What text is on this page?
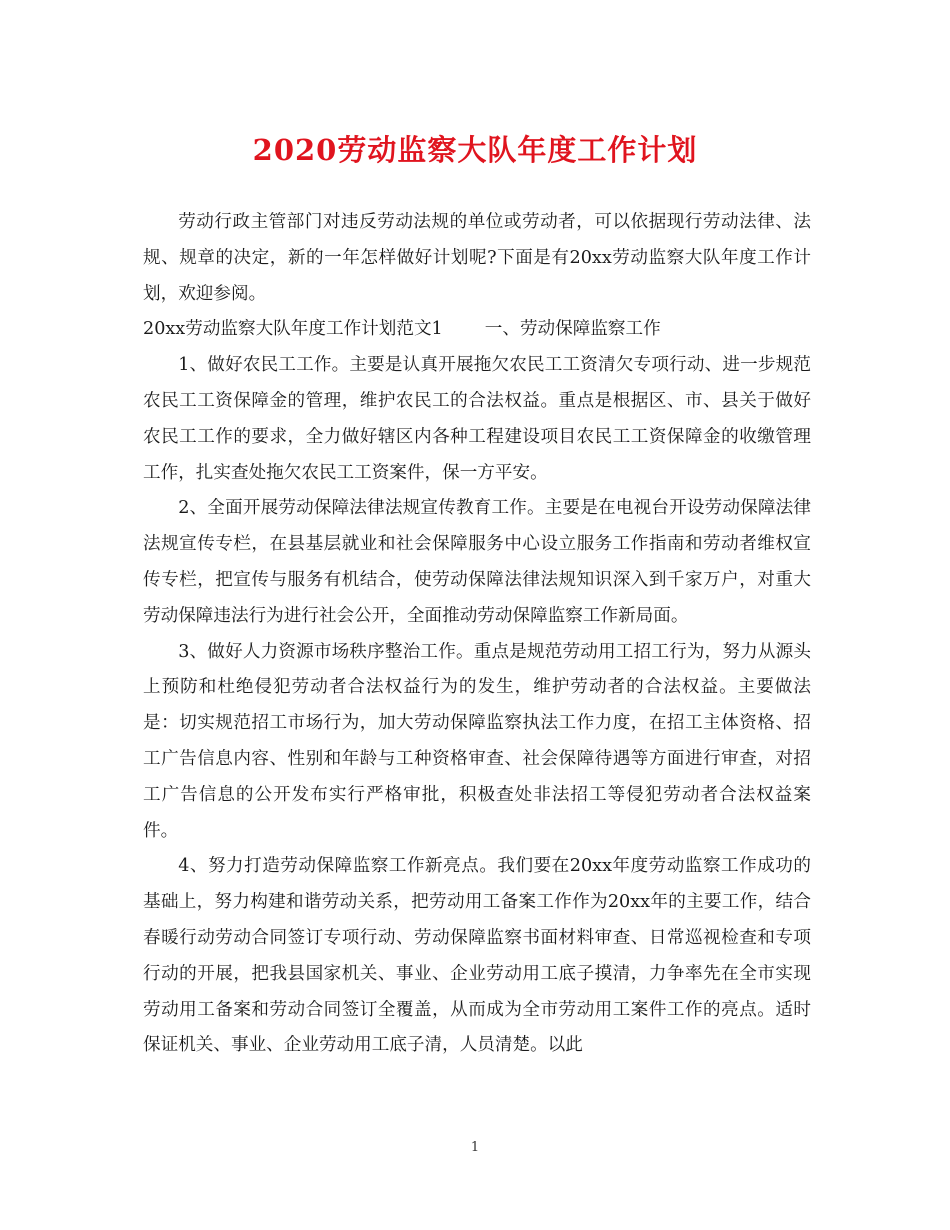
2020劳动监察大队年度工作计划

劳动行政主管部门对违反劳动法规的单位或劳动者，可以依据现行劳动法律、法规、规章的决定，新的一年怎样做好计划呢?下面是有20xx劳动监察大队年度工作计划，欢迎参阅。

20xx劳动监察大队年度工作计划范文1 一、劳动保障监察工作

1、做好农民工工作。主要是认真开展拖欠农民工工资清欠专项行动、进一步规范农民工工资保障金的管理，维护农民工的合法权益。重点是根据区、市、县关于做好农民工工作的要求，全力做好辖区内各种工程建设项目农民工工资保障金的收缴管理工作，扎实查处拖欠农民工工资案件，保一方平安。

2、全面开展劳动保障法律法规宣传教育工作。主要是在电视台开设劳动保障法律法规宣传专栏，在县基层就业和社会保障服务中心设立服务工作指南和劳动者维权宣传专栏，把宣传与服务有机结合，使劳动保障法律法规知识深入到千家万户，对重大劳动保障违法行为进行社会公开，全面推动劳动保障监察工作新局面。

3、做好人力资源市场秩序整治工作。重点是规范劳动用工招工行为，努力从源头上预防和杜绝侵犯劳动者合法权益行为的发生，维护劳动者的合法权益。主要做法是：切实规范招工市场行为，加大劳动保障监察执法工作力度，在招工主体资格、招工广告信息内容、性别和年龄与工种资格审查、社会保障待遇等方面进行审查，对招工广告信息的公开发布实行严格审批，积极查处非法招工等侵犯劳动者合法权益案件。

4、努力打造劳动保障监察工作新亮点。我们要在20xx年度劳动监察工作成功的基础上，努力构建和谐劳动关系，把劳动用工备案工作作为20xx年的主要工作，结合春暖行动劳动合同签订专项行动、劳动保障监察书面材料审查、日常巡视检查和专项行动的开展，把我县国家机关、事业、企业劳动用工底子摸清，力争率先在全市实现劳动用工备案和劳动合同签订全覆盖，从而成为全市劳动用工案件工作的亮点。适时保证机关、事业、企业劳动用工底子清，人员清楚。以此

1
